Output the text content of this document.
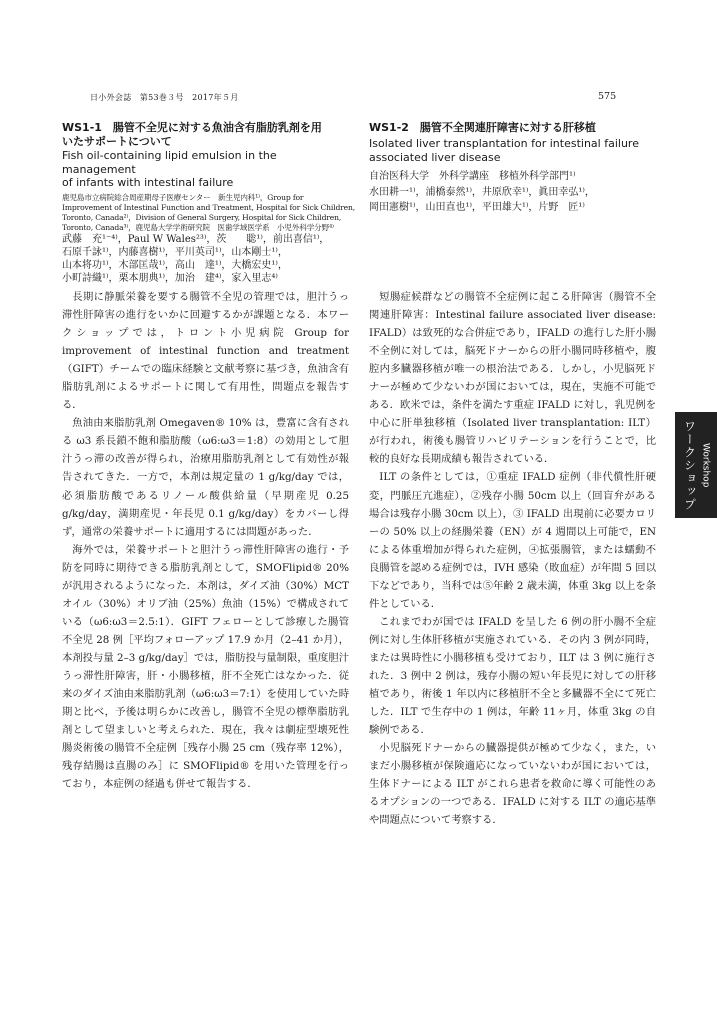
日小外会誌　第53巻３号　2017年５月	575
WS1-1　腸管不全児に対する魚油含有脂肪乳剤を用
いたサポートについて
Fish oil-containing lipid emulsion in the management
of infants with intestinal failure
鹿児島市立病院総合周産期母子医療センター　新生児内科¹⁾，Group for
Improvement of Intestinal Function and Treatment, Hospital for Sick Children,
Toronto, Canada²⁾，Division of General Surgery, Hospital for Sick Children,
Toronto, Canada³⁾，鹿児島大学学術研究院　医歯学域医学系　小児外科学分野⁴⁾
武藤　充¹⁻⁴⁾，Paul W Wales²³⁾，茨　　聡¹⁾，前出喜信¹⁾，
石原千詠¹⁾，内藤喜樹¹⁾，平川英司¹⁾，山本剛士¹⁾，
山本将功¹⁾，木部匡哉¹⁾，高山　達¹⁾，大橋宏史¹⁾，
小町詩織¹⁾，栗本朋典¹⁾，加治　建⁴⁾，家入里志⁴⁾
WS1-2　腸管不全関連肝障害に対する肝移植
Isolated liver transplantation for intestinal failure
associated liver disease
自治医科大学　外科学講座　移植外科学部門¹⁾
水田耕一¹⁾，浦橋泰然¹⁾，井原欣幸¹⁾，眞田幸弘¹⁾，
岡田憲樹¹⁾，山田直也¹⁾，平田雄大¹⁾，片野　匠¹⁾

長期に静脈栄養を要する腸管不全児の管理では，胆汁うっ滞性肝障害の進行をいかに回避するかが課題となる．本ワークショップでは，トロント小児病院 Group for improvement of intestinal function and treatment（GIFT）チームでの臨床経験と文献考察に基づき，魚油含有脂肪乳剤によるサポートに関して有用性，問題点を報告する．

魚油由来脂肪乳剤 Omegaven® 10% は，豊富に含有される ω3 系長鎖不飽和脂肪酸（ω6:ω3＝1:8）の効用として胆汁うっ滞の改善が得られ，治療用脂肪乳剤として有効性が報告されてきた．一方で，本剤は規定量の 1 g/kg/day では，必須脂肪酸であるリノール酸供給量（早期産児 0.25 g/kg/day，満期産児・年長児 0.1 g/kg/day）をカバーし得ず，通常の栄養サポートに適用するには問題があった．

海外では，栄養サポートと胆汁うっ滞性肝障害の進行・予防を同時に期待できる脂肪乳剤として，SMOFlipid® 20% が汎用されるようになった．本剤は，ダイズ油（30%）MCT オイル（30%）オリブ油（25%）魚油（15%）で構成されている（ω6:ω3＝2.5:1）．GIFT フェローとして診療した腸管不全児 28 例［平均フォローアップ 17.9 か月（2–41 か月），本剤投与量 2–3 g/kg/day］では，脂肪投与量制限，重度胆汁うっ滞性肝障害，肝・小腸移植，肝不全死亡はなかった．従来のダイズ油由来脂肪乳剤（ω6:ω3＝7:1）を使用していた時期と比べ，予後は明らかに改善し，腸管不全児の標準脂肪乳剤として望ましいと考えられた．現在，我々は劇症型壊死性腸炎術後の腸管不全症例［残存小腸 25 cm（残存率 12%），残存結腸は直腸のみ］に SMOFlipid® を用いた管理を行っており，本症例の経過も併せて報告する．

短腸症候群などの腸管不全症例に起こる肝障害（腸管不全関連肝障害：Intestinal failure associated liver disease: IFALD）は致死的な合併症であり，IFALD の進行した肝小腸不全例に対しては，脳死ドナーからの肝小腸同時移植や，腹腔内多臓器移植が唯一の根治法である．しかし，小児脳死ドナーが極めて少ないわが国においては，現在，実施不可能である．欧米では，条件を満たす重症 IFALD に対し，乳児例を中心に肝単独移植（Isolated liver transplantation: ILT）が行われ，術後も腸管リハビリテーションを行うことで，比較的良好な長期成績も報告されている．

ILT の条件としては，①重症 IFALD 症例（非代償性肝硬変，門脈圧亢進症），②残存小腸 50cm 以上（回盲弁がある場合は残存小腸 30cm 以上），③ IFALD 出現前に必要カロリーの 50% 以上の経腸栄養（EN）が 4 週間以上可能で，EN による体重増加が得られた症例，④拡張腸管，または蠕動不良腸管を認める症例では，IVH 感染（敗血症）が年間 5 回以下などであり，当科では⑤年齢 2 歳未満，体重 3kg 以上を条件としている．

これまでわが国では IFALD を呈した 6 例の肝小腸不全症例に対し生体肝移植が実施されている．その内 3 例が同時，または異時性に小腸移植も受けており，ILT は 3 例に施行された．3 例中 2 例は，残存小腸の短い年長児に対しての肝移植であり，術後 1 年以内に移植肝不全と多臓器不全にて死亡した．ILT で生存中の 1 例は，年齢 11ヶ月，体重 3kg の自験例である．

小児脳死ドナーからの臓器提供が極めて少なく，また，いまだ小腸移植が保険適応になっていないわが国においては，生体ドナーによる ILT がこれら患者を救命に導く可能性のあるオプションの一つである．IFALD に対する ILT の適応基準や問題点について考察する．

ワークショップ Workshop
